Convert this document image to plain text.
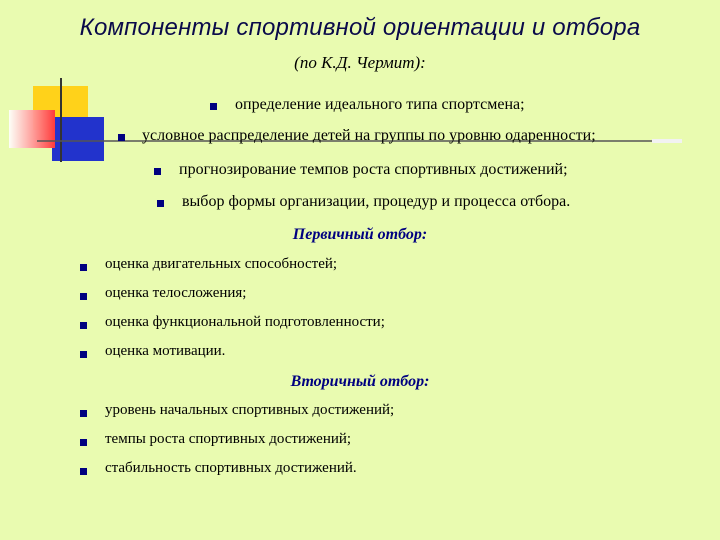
Компоненты спортивной ориентации и отбора
(по К.Д. Чермит):
определение идеального типа спортсмена;
условное распределение детей на группы по уровню одаренности;
прогнозирование темпов роста спортивных достижений;
выбор формы организации, процедур и процесса отбора.
Первичный отбор:
оценка двигательных способностей;
оценка телосложения;
оценка функциональной подготовленности;
оценка мотивации.
Вторичный отбор:
уровень начальных спортивных достижений;
темпы роста спортивных достижений;
стабильность спортивных достижений.
